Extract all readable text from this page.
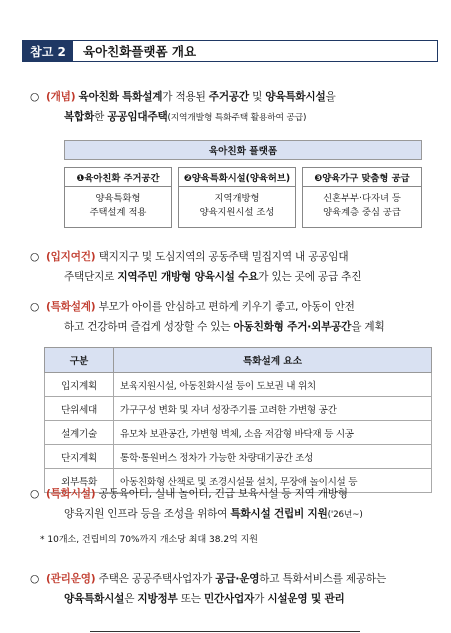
참고 2	육아친화플랫폼 개요
○ (개념) 육아친화 특화설계가 적용된 주거공간 및 양육특화시설을
복합화한 공공임대주택(지역개발형 특화주택 활용하여 공급)
육아친화 플랫폼
❶육아친화 주거공간
양육특화형
주택설계 적용
❷양육특화시설(양육허브)
지역개방형
양육지원시설 조성
❸양육가구 맞춤형 공급
신혼부부·다자녀 등
양육계층 중심 공급
○ (입지여건) 택지지구 및 도심지역의 공동주택 밀집지역 내 공공임대
주택단지로 지역주민 개방형 양육시설 수요가 있는 곳에 공급 추진
○ (특화설계) 부모가 아이를 안심하고 편하게 키우기 좋고, 아동이 안전
하고 건강하며 즐겁게 성장할 수 있는 아동친화형 주거·외부공간을 계획
구분	특화설계 요소
입지계획	보육지원시설, 아동친화시설 등이 도보권 내 위치
단위세대	가구구성 변화 및 자녀 성장주기를 고려한 가변형 공간
설계기술	유모차 보관공간, 가변형 벽체, 소음 저감형 바닥재 등 시공
단지계획	통학·통원버스 정차가 가능한 차량대기공간 조성
외부특화	아동친화형 산책로 및 조경시설물 설치, 무장애 놀이시설 등
○ (특화시설) 공동육아터, 실내 놀이터, 긴급 보육시설 등 지역 개방형
양육지원 인프라 등을 조성을 위하여 특화시설 건립비 지원('26년~)
* 10개소, 건립비의 70%까지 개소당 최대 38.2억 지원
○ (관리운영) 주택은 공공주택사업자가 공급·운영하고 특화서비스를 제공하는
양육특화시설은 지방정부 또는 민간사업자가 시설운영 및 관리
